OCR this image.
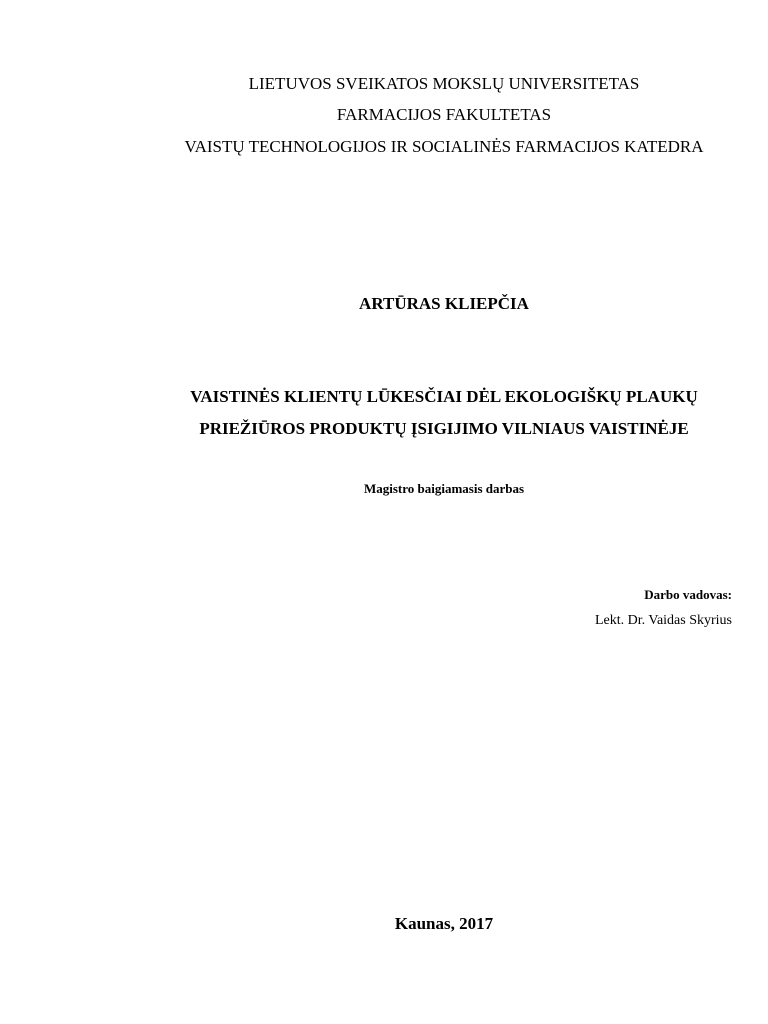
LIETUVOS SVEIKATOS MOKSLŲ UNIVERSITETAS
FARMACIJOS FAKULTETAS
VAISTŲ TECHNOLOGIJOS IR SOCIALINĖS FARMACIJOS KATEDRA
ARTŪRAS KLIEPČIA
VAISTINĖS KLIENTŲ LŪKESČIAI DĖL EKOLOGIŠKŲ PLAUKŲ
PRIEŽIŪROS PRODUKTŲ ĮSIGIJIMO VILNIAUS VAISTINĖJE
Magistro baigiamasis darbas
Darbo vadovas:
Lekt. Dr. Vaidas Skyrius
Kaunas, 2017
